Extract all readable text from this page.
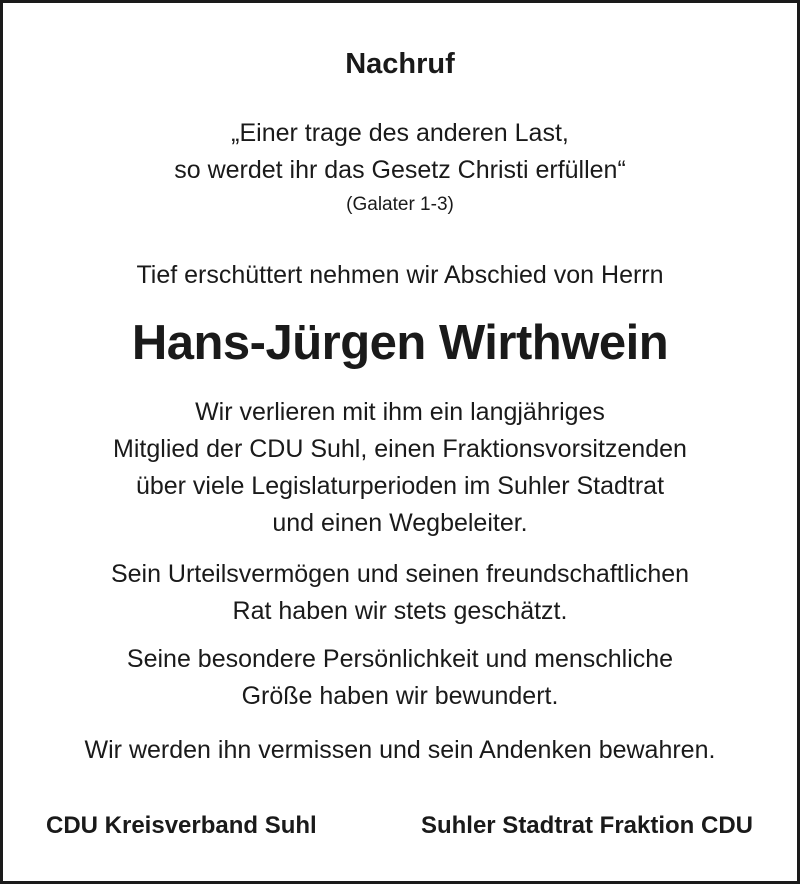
Nachruf
„Einer trage des anderen Last,
so werdet ihr das Gesetz Christi erfüllen“
(Galater 1-3)
Tief erschüttert nehmen wir Abschied von Herrn
Hans-Jürgen Wirthwein
Wir verlieren mit ihm ein langjähriges
Mitglied der CDU Suhl, einen Fraktionsvorsitzenden
über viele Legislaturperioden im Suhler Stadtrat
und einen Wegbeleiter.
Sein Urteilsvermögen und seinen freundschaftlichen
Rat haben wir stets geschätzt.
Seine besondere Persönlichkeit und menschliche
Größe haben wir bewundert.
Wir werden ihn vermissen und sein Andenken bewahren.
CDU Kreisverband Suhl	Suhler Stadtrat Fraktion CDU
